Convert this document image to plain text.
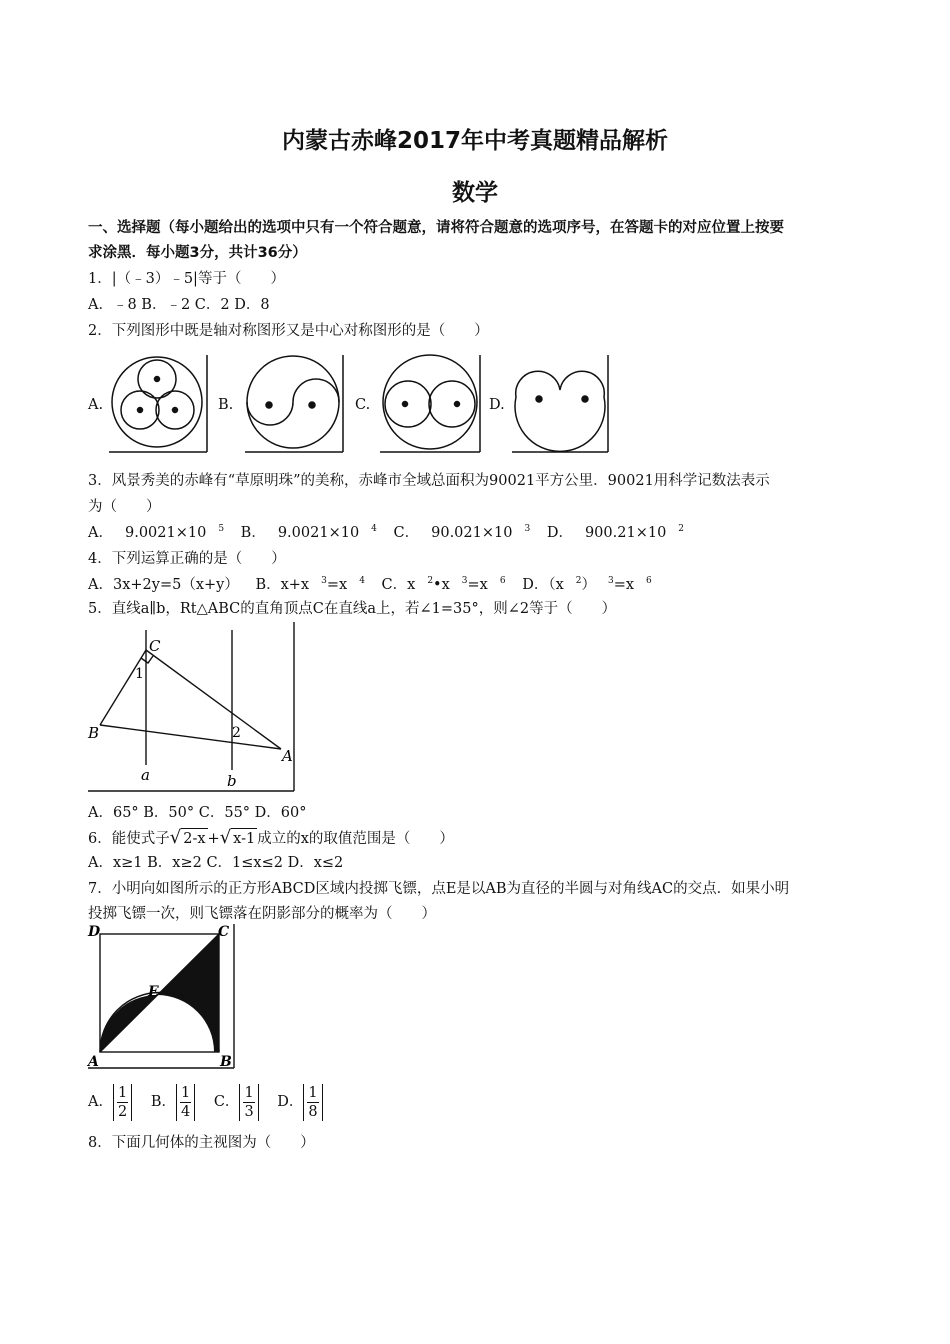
内蒙古赤峰2017年中考真题精品解析
数学
一、选择题（每小题给出的选项中只有一个符合题意，请将符合题意的选项序号，在答题卡的对应位置上按要
求涂黑．每小题3分，共计36分）
1．|（﹣3）﹣5|等于（　　）
A．﹣8 B．﹣2 C．2 D．8
2．下列图形中既是轴对称图形又是中心对称图形的是（　　）
A.	B.	C.	D.
3．风景秀美的赤峰有“草原明珠”的美称，赤峰市全域总面积为90021平方公里．90021用科学记数法表示
为（　　）
A． 9.0021×10 $^5$ B． 9.0021×10 $^4$ C． 90.021×10 $^3$ D． 900.21×10 $^2$
4．下列运算正确的是（　　）
A．3x+2y=5（x+y） B．x+x $^3$=x $^4$ C．x $^2$•x $^3$=x $^6$ D．（x $^2$） $^3$=x $^6$
5．直线a∥b，Rt△ABC的直角顶点C在直线a上，若∠1=35°，则∠2等于（　　）
C
B
A
a	b
1
2
A．65° B．50° C．55° D．60°
6．能使式子√ 2-x +√ x-1 成立的x的取值范围是（　　）
A．x≥1 B．x≥2 C．1≤x≤2 D．x≤2
7．小明向如图所示的正方形ABCD区域内投掷飞镖，点E是以AB为直径的半圆与对角线AC的交点．如果小明
投掷飞镖一次，则飞镖落在阴影部分的概率为（　　）
D	C
E
A	B
A． $\frac{1}{2}$ B． $\frac{1}{4}$ C． $\frac{1}{3}$ D． $\frac{1}{8}$
8．下面几何体的主视图为（　　）
